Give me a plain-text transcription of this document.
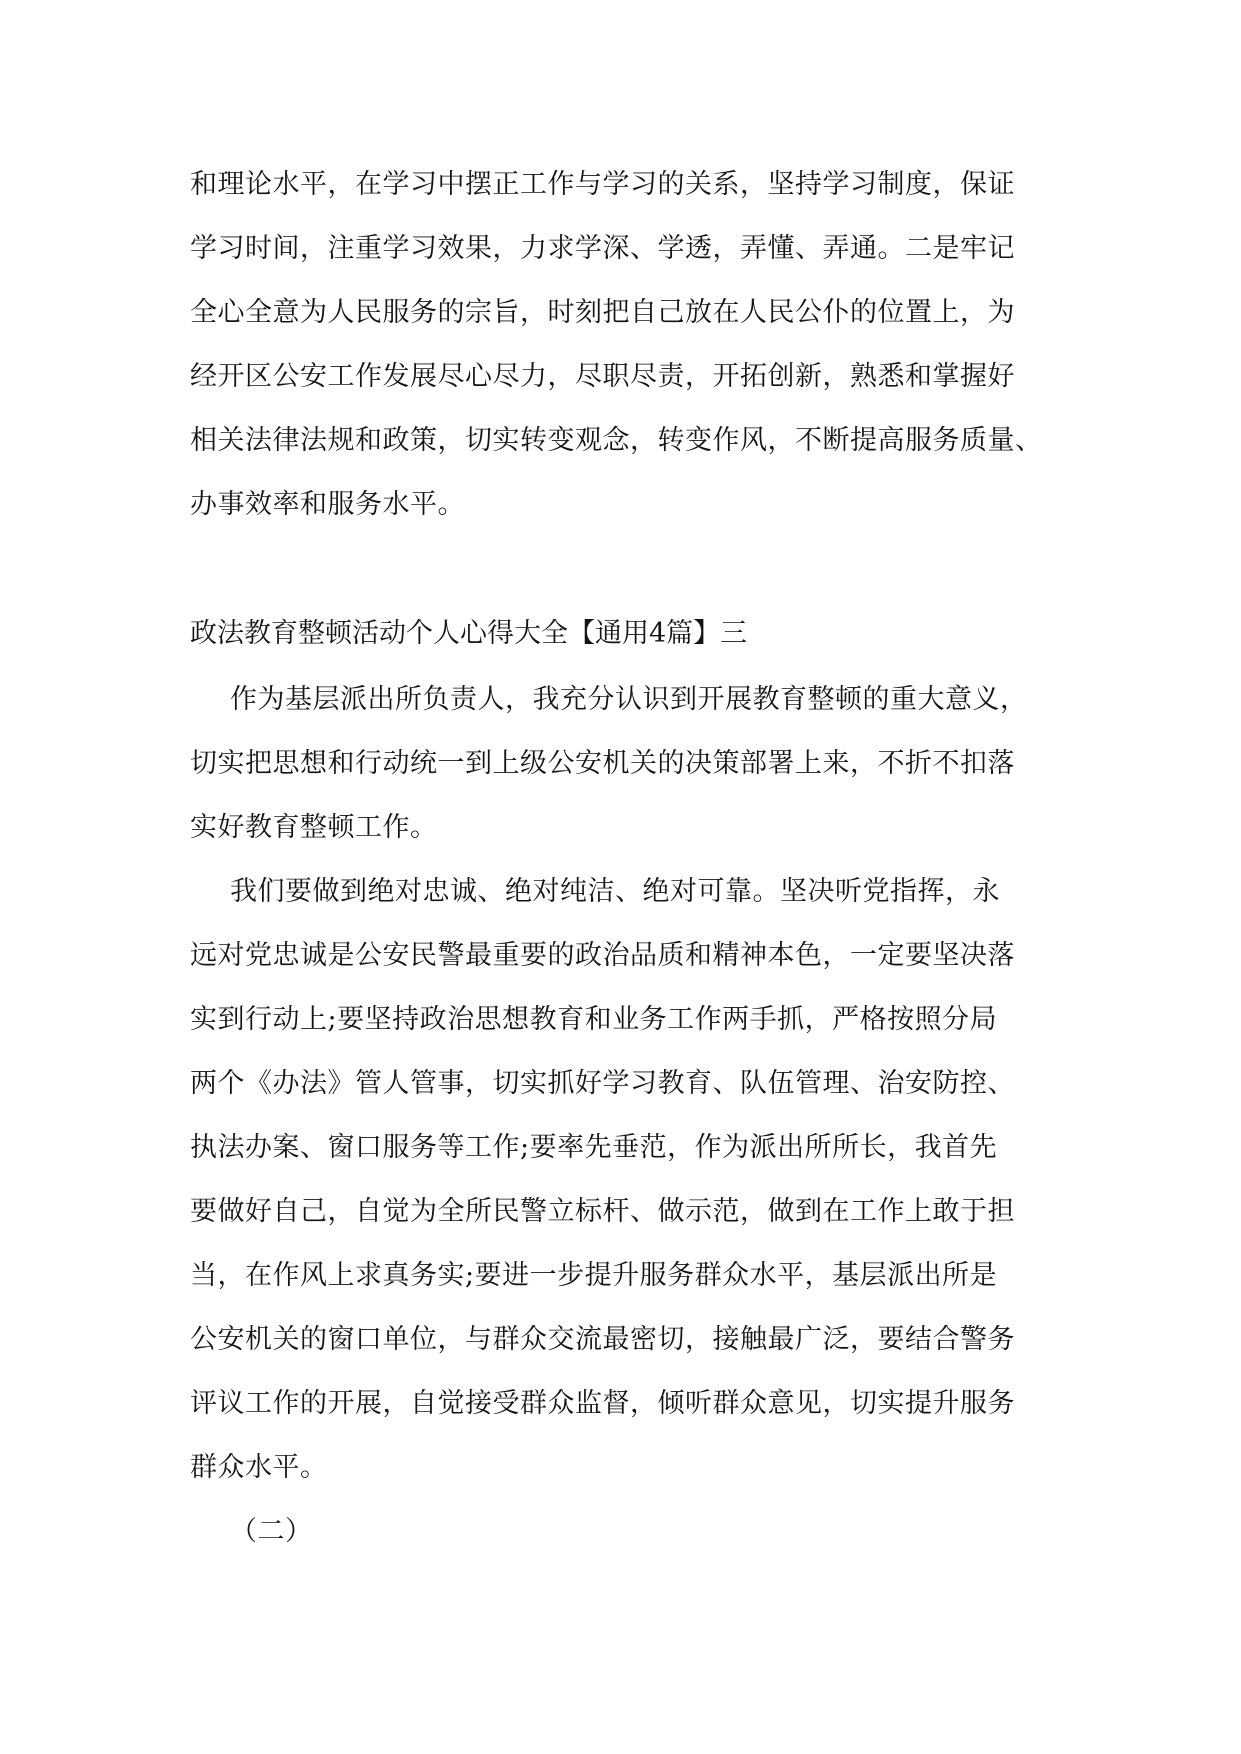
和理论水平，在学习中摆正工作与学习的关系，坚持学习制度，保证
学习时间，注重学习效果，力求学深、学透，弄懂、弄通。二是牢记
全心全意为人民服务的宗旨，时刻把自己放在人民公仆的位置上，为
经开区公安工作发展尽心尽力，尽职尽责，开拓创新，熟悉和掌握好
相关法律法规和政策，切实转变观念，转变作风，不断提高服务质量、
办事效率和服务水平。
政法教育整顿活动个人心得大全【通用4篇】三
作为基层派出所负责人，我充分认识到开展教育整顿的重大意义，
切实把思想和行动统一到上级公安机关的决策部署上来，不折不扣落
实好教育整顿工作。
我们要做到绝对忠诚、绝对纯洁、绝对可靠。坚决听党指挥，永
远对党忠诚是公安民警最重要的政治品质和精神本色，一定要坚决落
实到行动上;要坚持政治思想教育和业务工作两手抓，严格按照分局
两个《办法》管人管事，切实抓好学习教育、队伍管理、治安防控、
执法办案、窗口服务等工作;要率先垂范，作为派出所所长，我首先
要做好自己，自觉为全所民警立标杆、做示范，做到在工作上敢于担
当，在作风上求真务实;要进一步提升服务群众水平，基层派出所是
公安机关的窗口单位，与群众交流最密切，接触最广泛，要结合警务
评议工作的开展，自觉接受群众监督，倾听群众意见，切实提升服务
群众水平。
（二）
